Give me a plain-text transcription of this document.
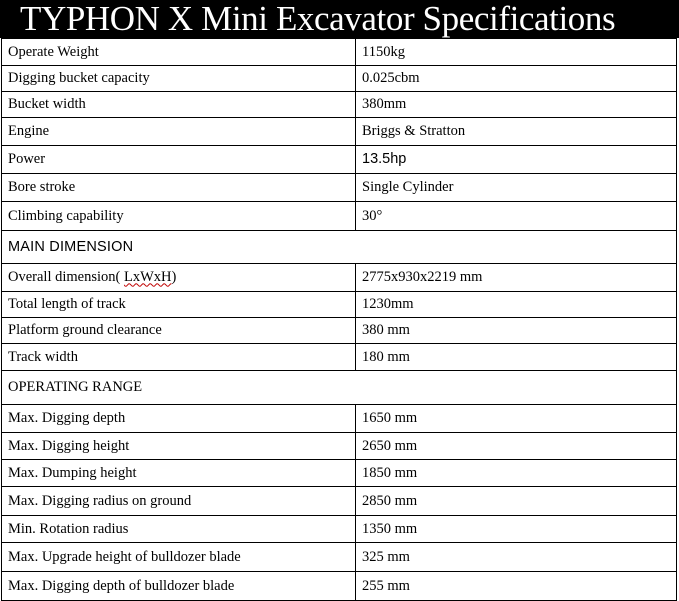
TYPHON X Mini Excavator Specifications
Operate Weight	1150kg
Digging bucket capacity	0.025cbm
Bucket width	380mm
Engine	Briggs & Stratton
Power	13.5hp
Bore stroke	Single Cylinder
Climbing capability	30°
MAIN DIMENSION	
Overall dimension( LxWxH)	2775x930x2219 mm
Total length of track	1230mm
Platform ground clearance	380 mm
Track width	180 mm
OPERATING RANGE	
Max. Digging depth	1650 mm
Max. Digging height	2650 mm
Max. Dumping height	1850 mm
Max. Digging radius on ground	2850 mm
Min. Rotation radius	1350 mm
Max. Upgrade height of bulldozer blade	325 mm
Max. Digging depth of bulldozer blade	255 mm
